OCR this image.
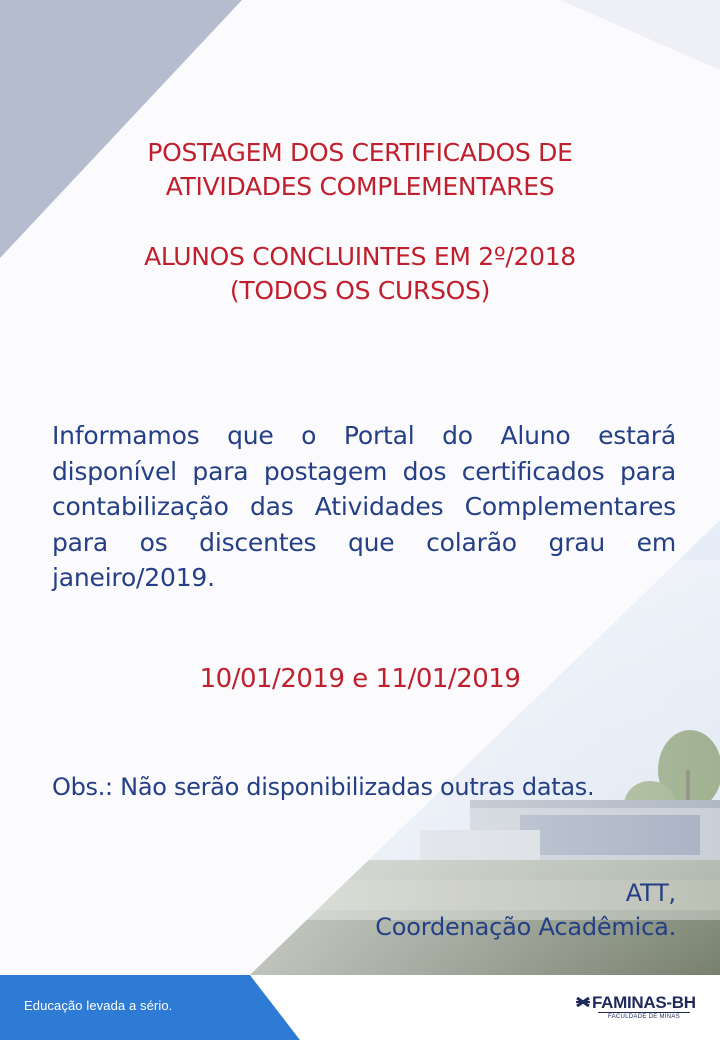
POSTAGEM DOS CERTIFICADOS DE
ATIVIDADES COMPLEMENTARES
ALUNOS CONCLUINTES EM 2º/2018
(TODOS OS CURSOS)
Informamos que o Portal do Aluno estará disponível para postagem dos certificados para contabilização das Atividades Complementares para os discentes que colarão grau em janeiro/2019.
10/01/2019 e 11/01/2019
Obs.: Não serão disponibilizadas outras datas.
ATT,
Coordenação Acadêmica.
Educação levada a sério.	FAMINAS-BH
FACULDADE DE MINAS
